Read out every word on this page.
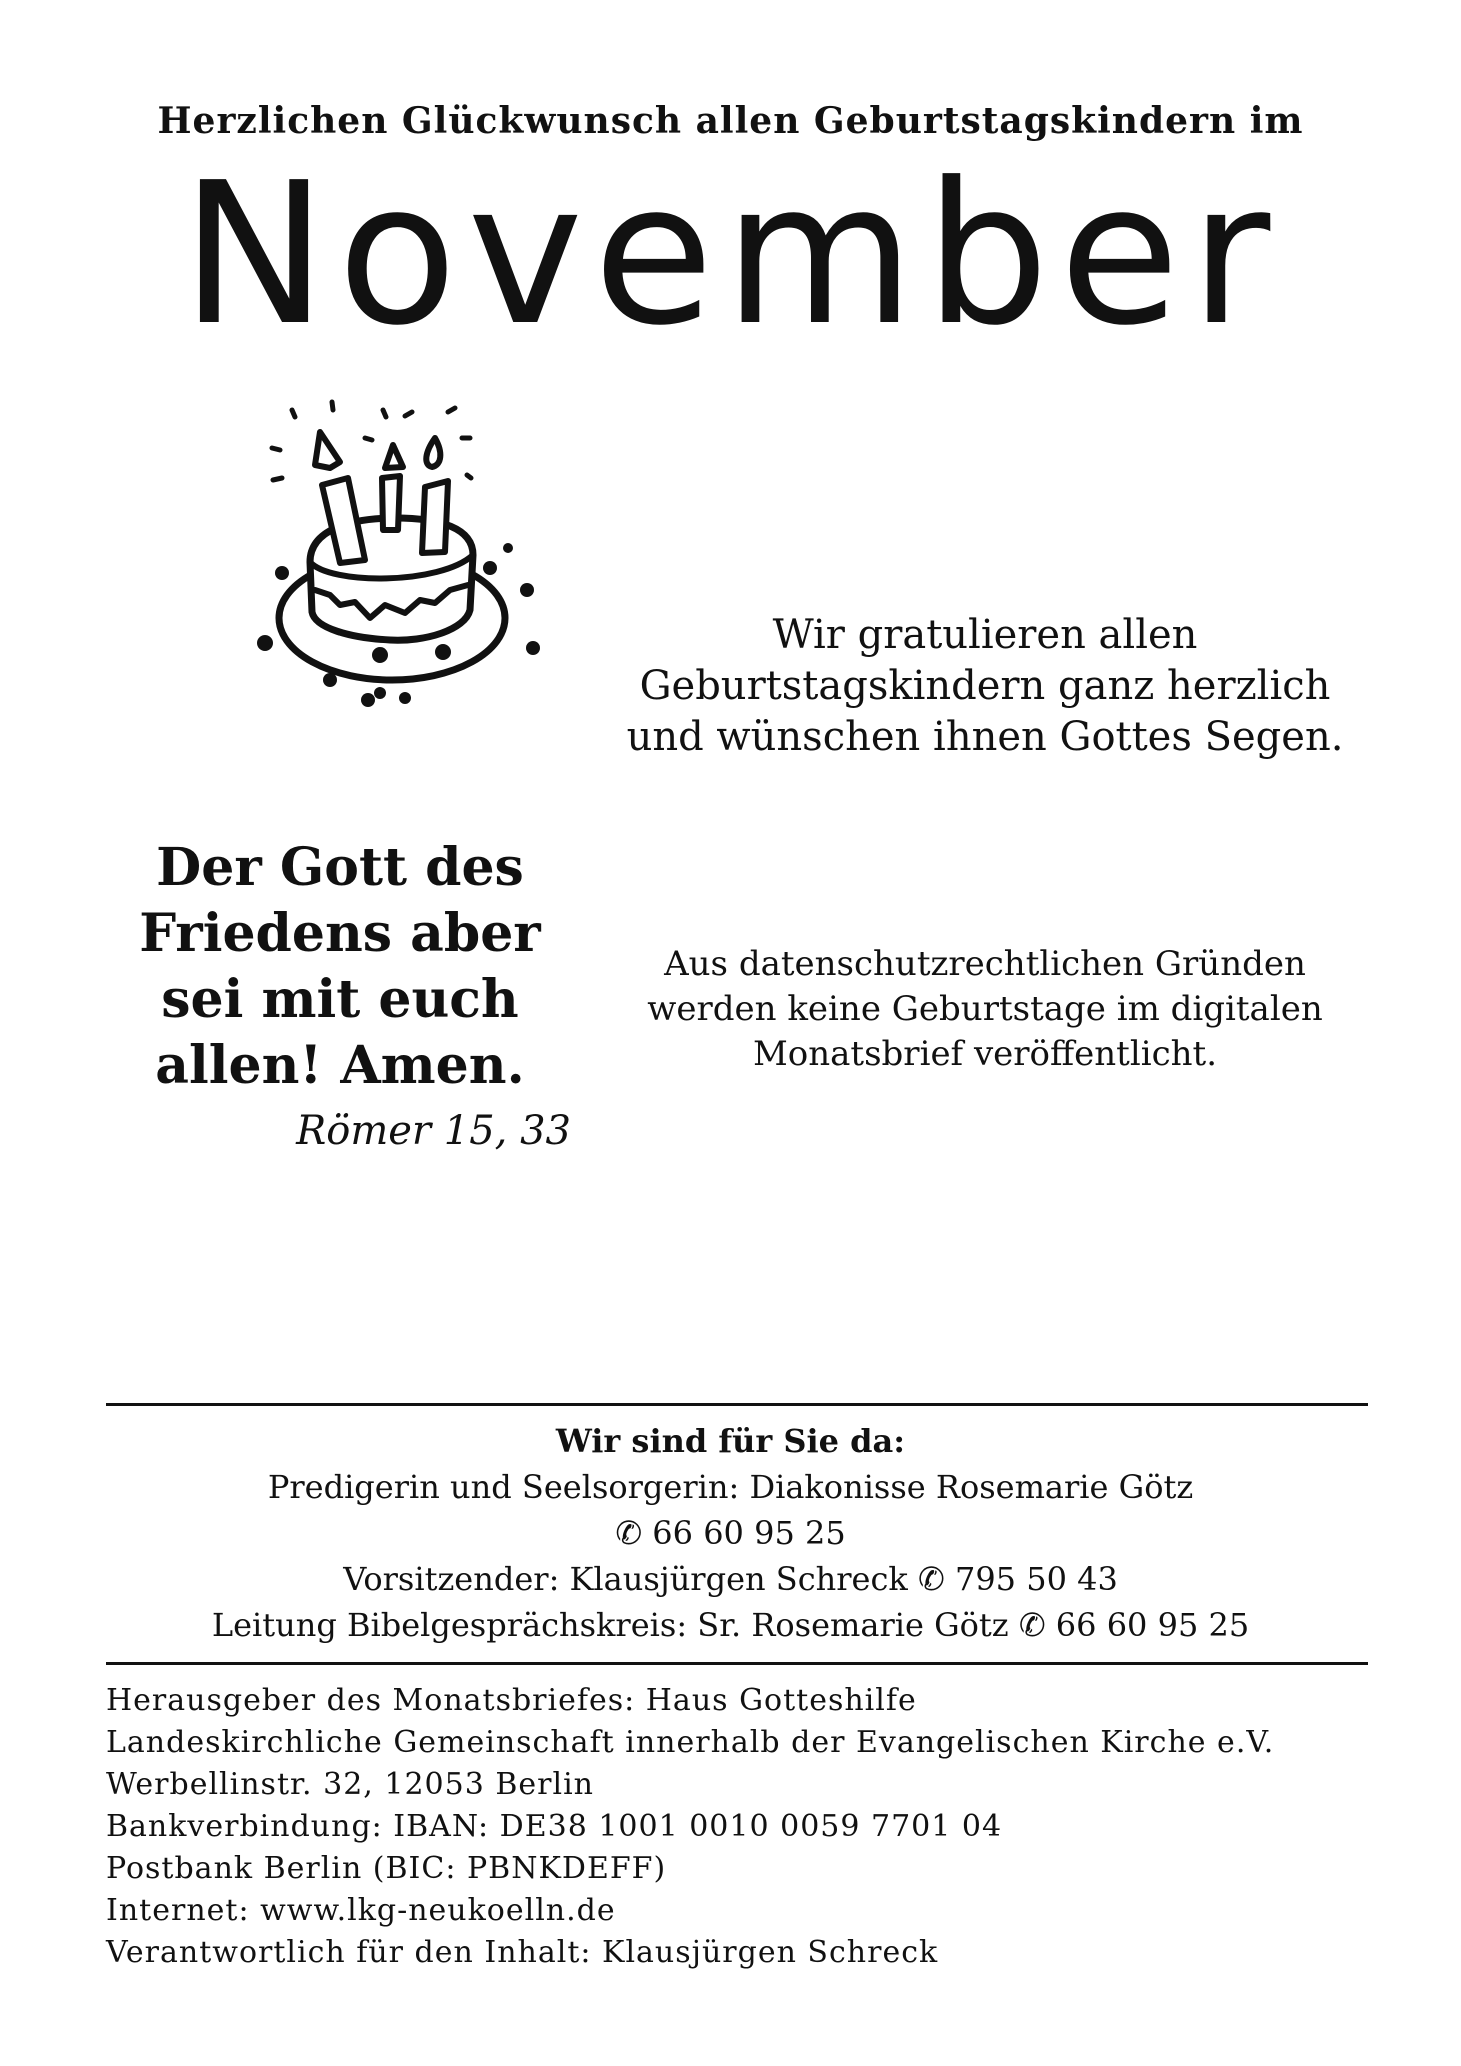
Herzlichen Glückwunsch allen Geburtstagskindern im
November
Wir gratulieren allen
Geburtstagskindern ganz herzlich
und wünschen ihnen Gottes Segen.
Der Gott des
Friedens aber
sei mit euch
allen! Amen.
Römer 15, 33
Aus datenschutzrechtlichen Gründen
werden keine Geburtstage im digitalen
Monatsbrief veröffentlicht.
Wir sind für Sie da:
Predigerin und Seelsorgerin: Diakonisse Rosemarie Götz
✆ 66 60 95 25
Vorsitzender: Klausjürgen Schreck ✆ 795 50 43
Leitung Bibelgesprächskreis: Sr. Rosemarie Götz ✆ 66 60 95 25
Herausgeber des Monatsbriefes: Haus Gotteshilfe
Landeskirchliche Gemeinschaft innerhalb der Evangelischen Kirche e.V.
Werbellinstr. 32, 12053 Berlin
Bankverbindung: IBAN: DE38 1001 0010 0059 7701 04
Postbank Berlin (BIC: PBNKDEFF)
Internet: www.lkg-neukoelln.de
Verantwortlich für den Inhalt: Klausjürgen Schreck
